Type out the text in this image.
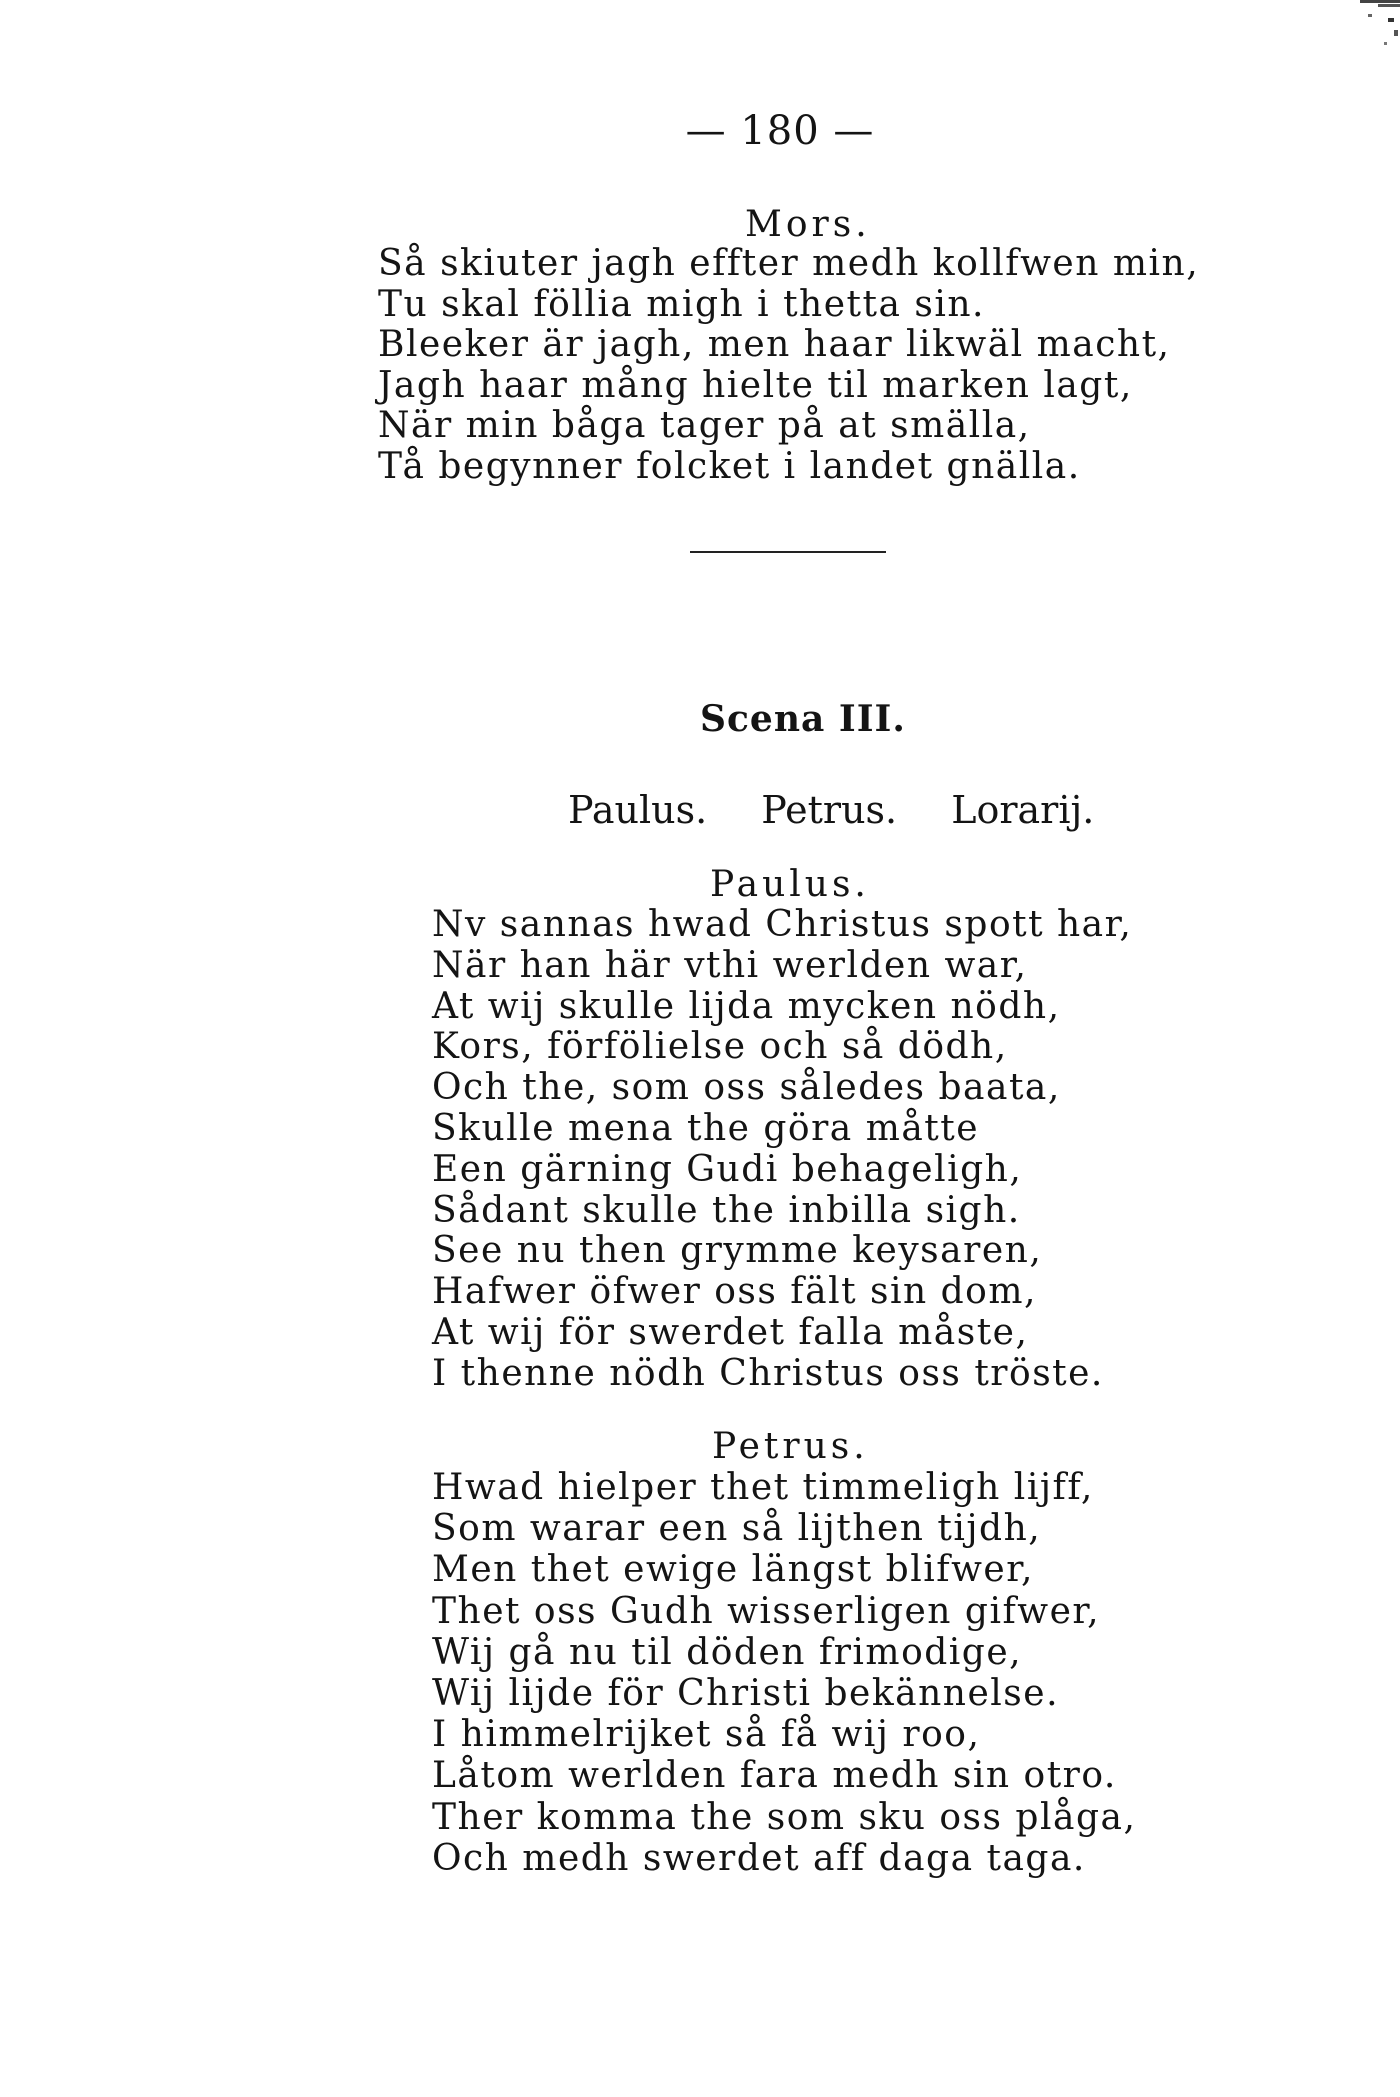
— 180 —
Mors.
Så skiuter jagh effter medh kollfwen min,
Tu skal föllia migh i thetta sin.
Bleeker är jagh, men haar likwäl macht,
Jagh haar mång hielte til marken lagt,
När min båga tager på at smälla,
Tå begynner folcket i landet gnälla.
Scena III.
Paulus. Petrus. Lorarij.
Paulus.
Nv sannas hwad Christus spott har,
När han här vthi werlden war,
At wij skulle lijda mycken nödh,
Kors, förfölielse och så dödh,
Och the, som oss således baata,
Skulle mena the göra måtte
Een gärning Gudi behageligh,
Sådant skulle the inbilla sigh.
See nu then grymme keysaren,
Hafwer öfwer oss fält sin dom,
At wij för swerdet falla måste,
I thenne nödh Christus oss tröste.
Petrus.
Hwad hielper thet timmeligh lijff,
Som warar een så lijthen tijdh,
Men thet ewige längst blifwer,
Thet oss Gudh wisserligen gifwer,
Wij gå nu til döden frimodige,
Wij lijde för Christi bekännelse.
I himmelrijket så få wij roo,
Låtom werlden fara medh sin otro.
Ther komma the som sku oss plåga,
Och medh swerdet aff daga taga.
